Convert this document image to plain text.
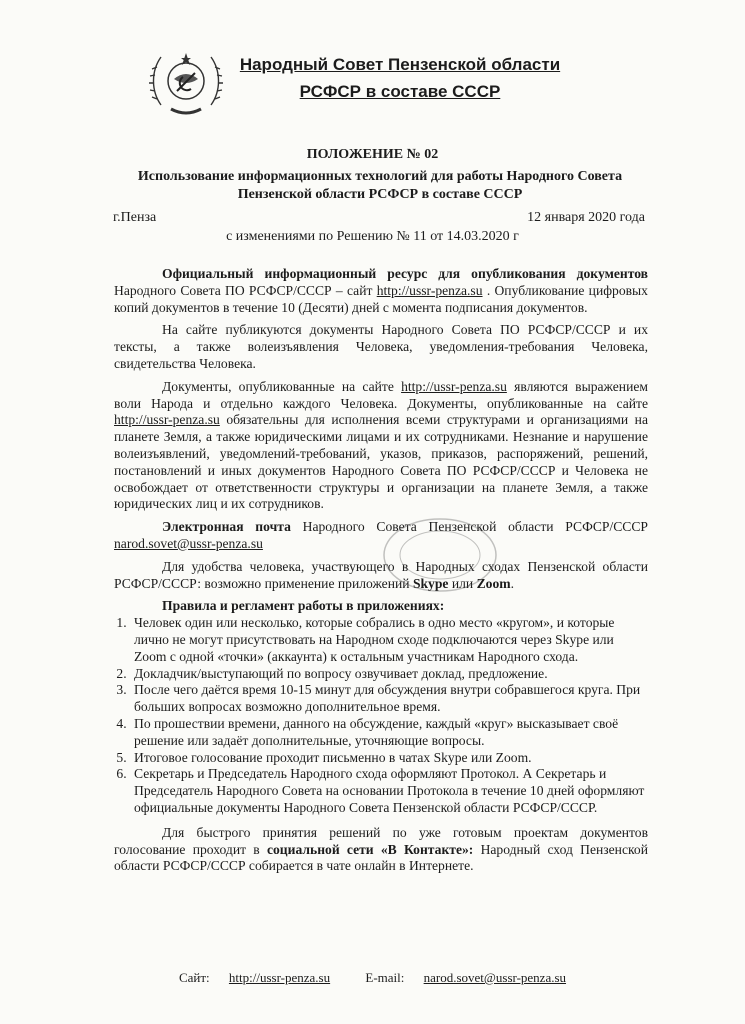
Народный Совет Пензенской области
РСФСР в составе СССР
ПОЛОЖЕНИЕ № 02
Использование информационных технологий для работы Народного Совета
Пензенской области РСФСР в составе СССР
г.Пенза	12 января 2020 года
с изменениями по Решению № 11 от 14.03.2020 г

Официальный информационный ресурс для опубликования документов Народного Совета ПО РСФСР/СССР – сайт http://ussr-penza.su . Опубликование цифровых копий документов в течение 10 (Десяти) дней с момента подписания документов.

На сайте публикуются документы Народного Совета ПО РСФСР/СССР и их тексты, а также волеизъявления Человека, уведомления-требования Человека, свидетельства Человека.

Документы, опубликованные на сайте http://ussr-penza.su являются выражением воли Народа и отдельно каждого Человека. Документы, опубликованные на сайте http://ussr-penza.su обязательны для исполнения всеми структурами и организациями на планете Земля, а также юридическими лицами и их сотрудниками. Незнание и нарушение волеизъявлений, уведомлений-требований, указов, приказов, распоряжений, решений, постановлений и иных документов Народного Совета ПО РСФСР/СССР и Человека не освобождает от ответственности структуры и организации на планете Земля, а также юридических лиц и их сотрудников.

Электронная почта Народного Совета Пензенской области РСФСР/СССР narod.sovet@ussr-penza.su

Для удобства человека, участвующего в Народных сходах Пензенской области РСФСР/СССР: возможно применение приложений Skype или Zoom.

Правила и регламент работы в приложениях:
1. Человек один или несколько, которые собрались в одно место «кругом», и которые лично не могут присутствовать на Народном сходе подключаются через Skype или Zoom с одной «точки» (аккаунта) к остальным участникам Народного схода.
2. Докладчик/выступающий по вопросу озвучивает доклад, предложение.
3. После чего даётся время 10-15 минут для обсуждения внутри собравшегося круга. При больших вопросах возможно дополнительное время.
4. По прошествии времени, данного на обсуждение, каждый «круг» высказывает своё решение или задаёт дополнительные, уточняющие вопросы.
5. Итоговое голосование проходит письменно в чатах Skype или Zoom.
6. Секретарь и Председатель Народного схода оформляют Протокол. А Секретарь и Председатель Народного Совета на основании Протокола в течение 10 дней оформляют официальные документы Народного Совета Пензенской области РСФСР/СССР.

Для быстрого принятия решений по уже готовым проектам документов голосование проходит в социальной сети «В Контакте»: Народный сход Пензенской области РСФСР/СССР собирается в чате онлайн в Интернете.

Сайт: http://ussr-penza.su	E-mail: narod.sovet@ussr-penza.su
